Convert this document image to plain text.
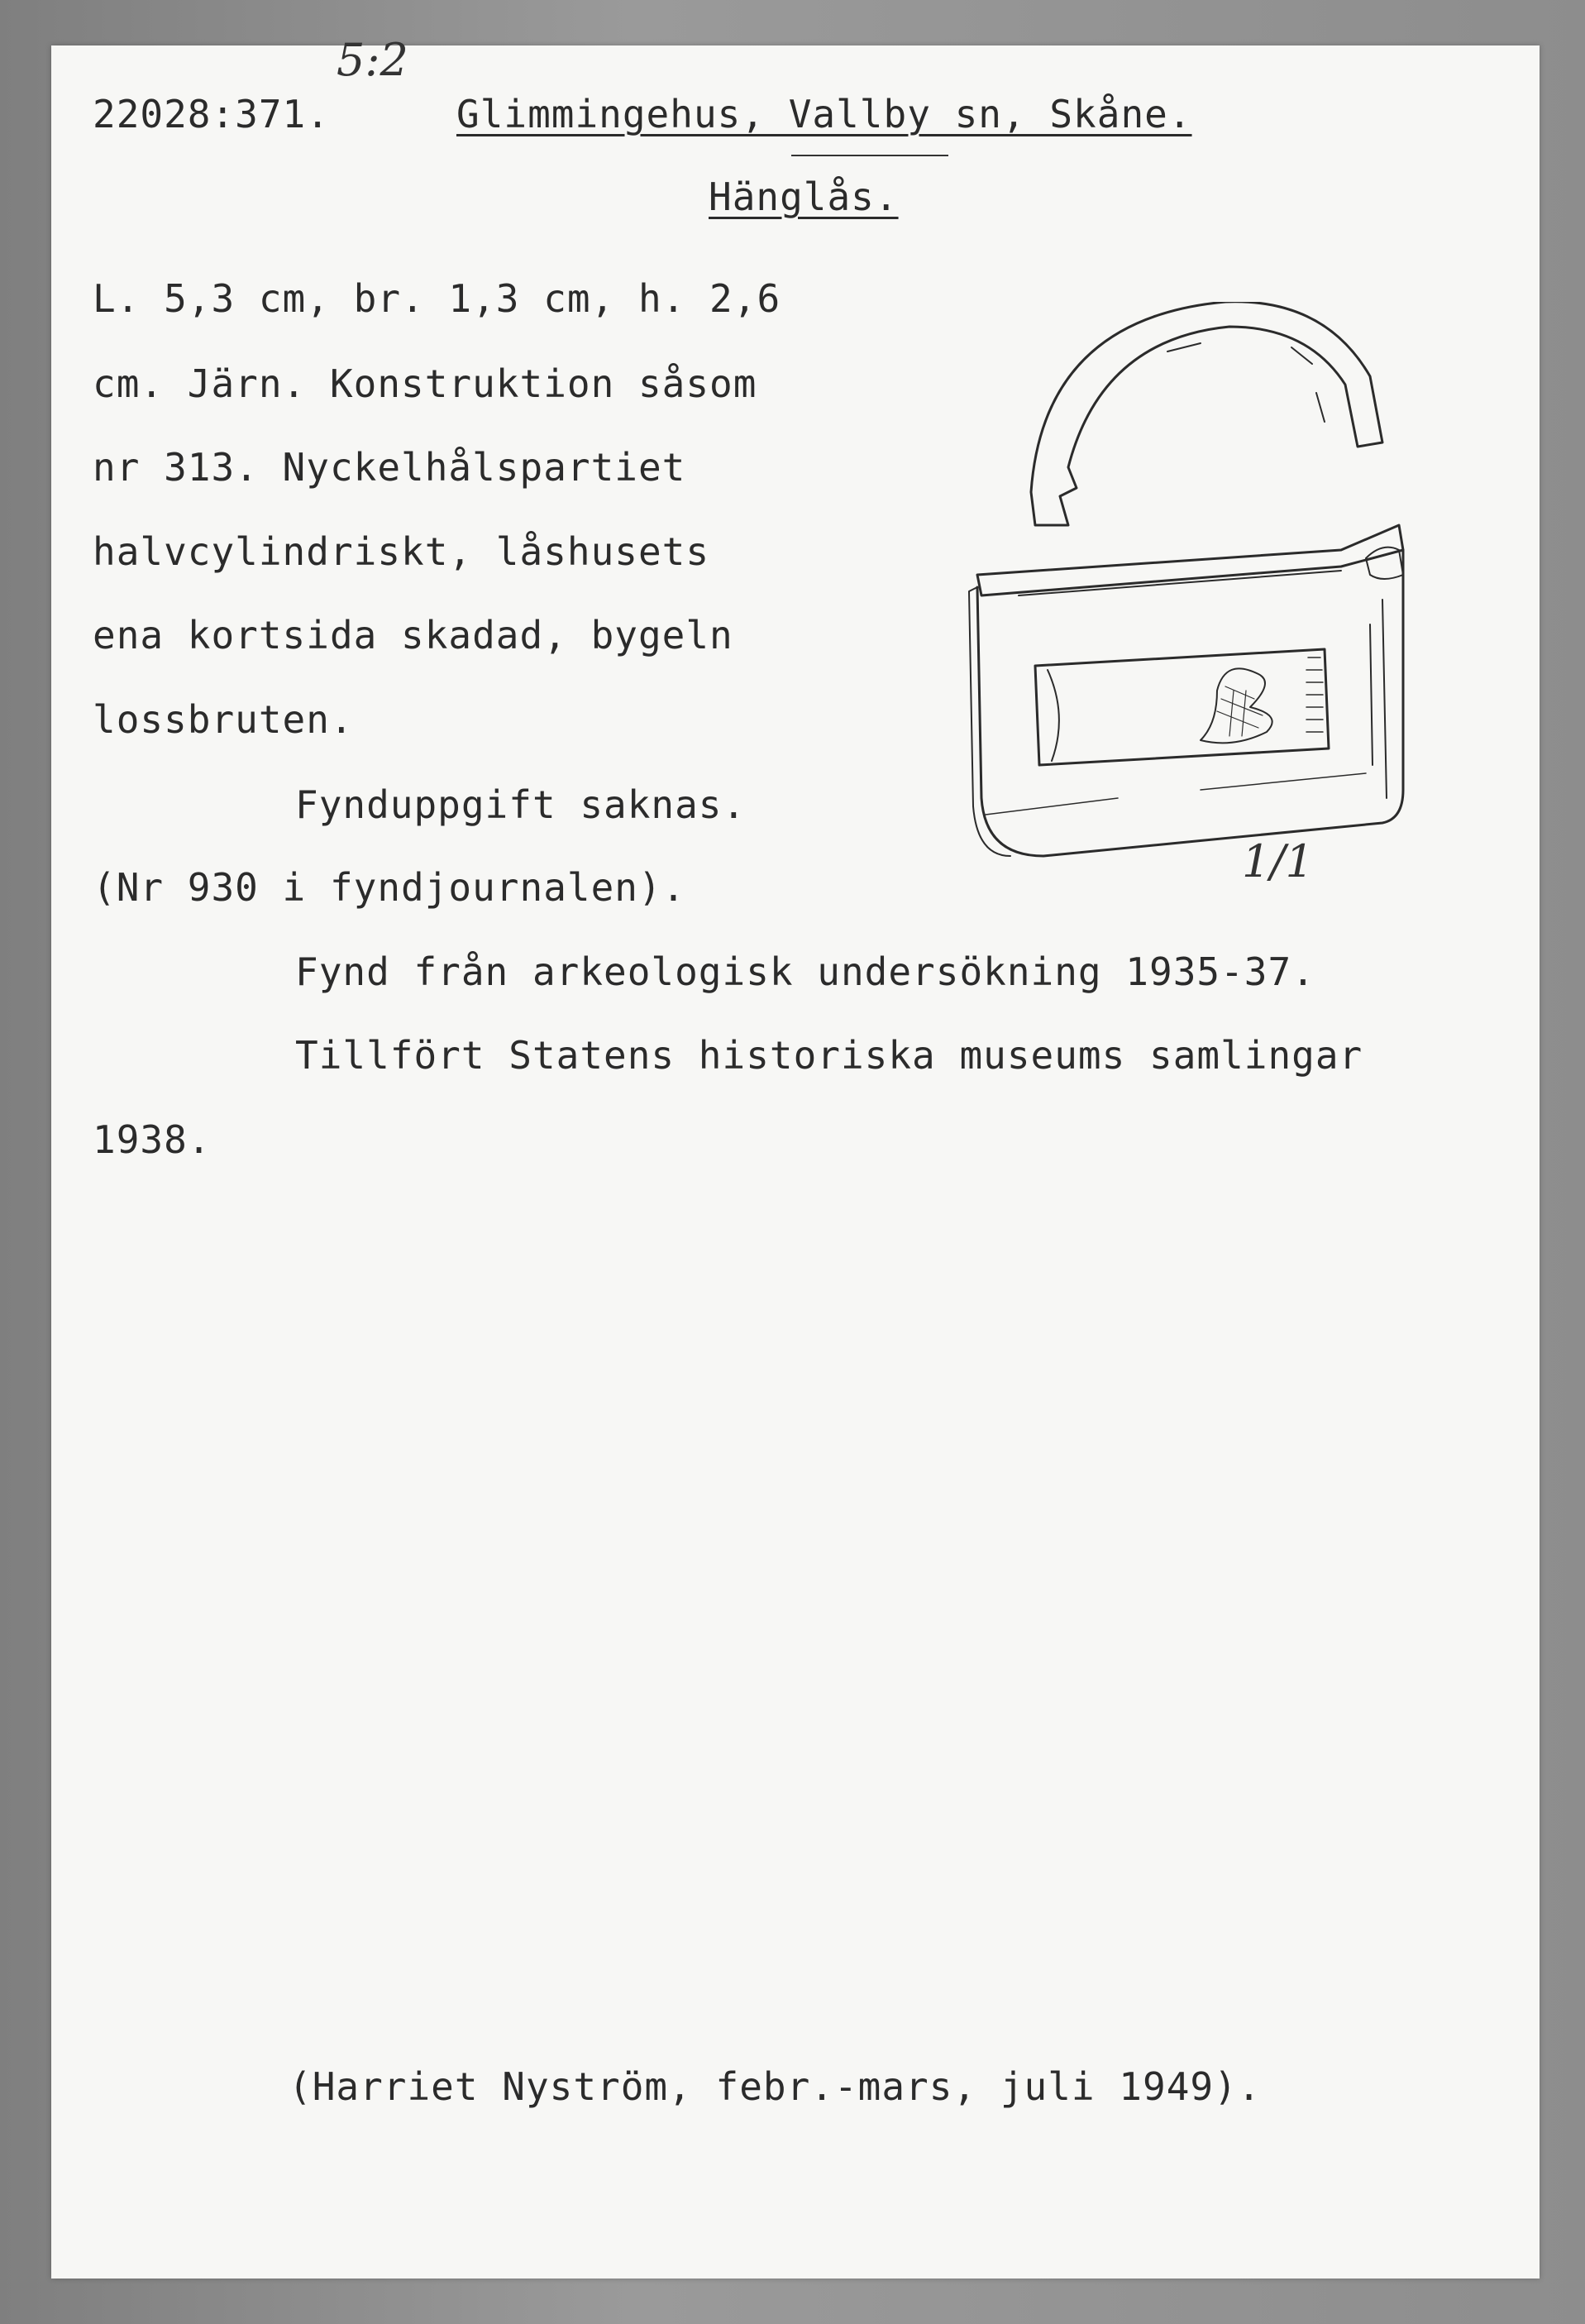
5:2
22028:371.	Glimmingehus, Vallby sn, Skåne.
Hänglås.
L. 5,3 cm, br. 1,3 cm, h. 2,6
cm. Järn. Konstruktion såsom
nr 313. Nyckelhålspartiet
halvcylindriskt, låshusets
ena kortsida skadad, bygeln
lossbruten.
Fynduppgift saknas.
(Nr 930 i fyndjournalen).
Fynd från arkeologisk undersökning 1935-37.
Tillfört Statens historiska museums samlingar
1938.
1/1
(Harriet Nyström, febr.-mars, juli 1949).
